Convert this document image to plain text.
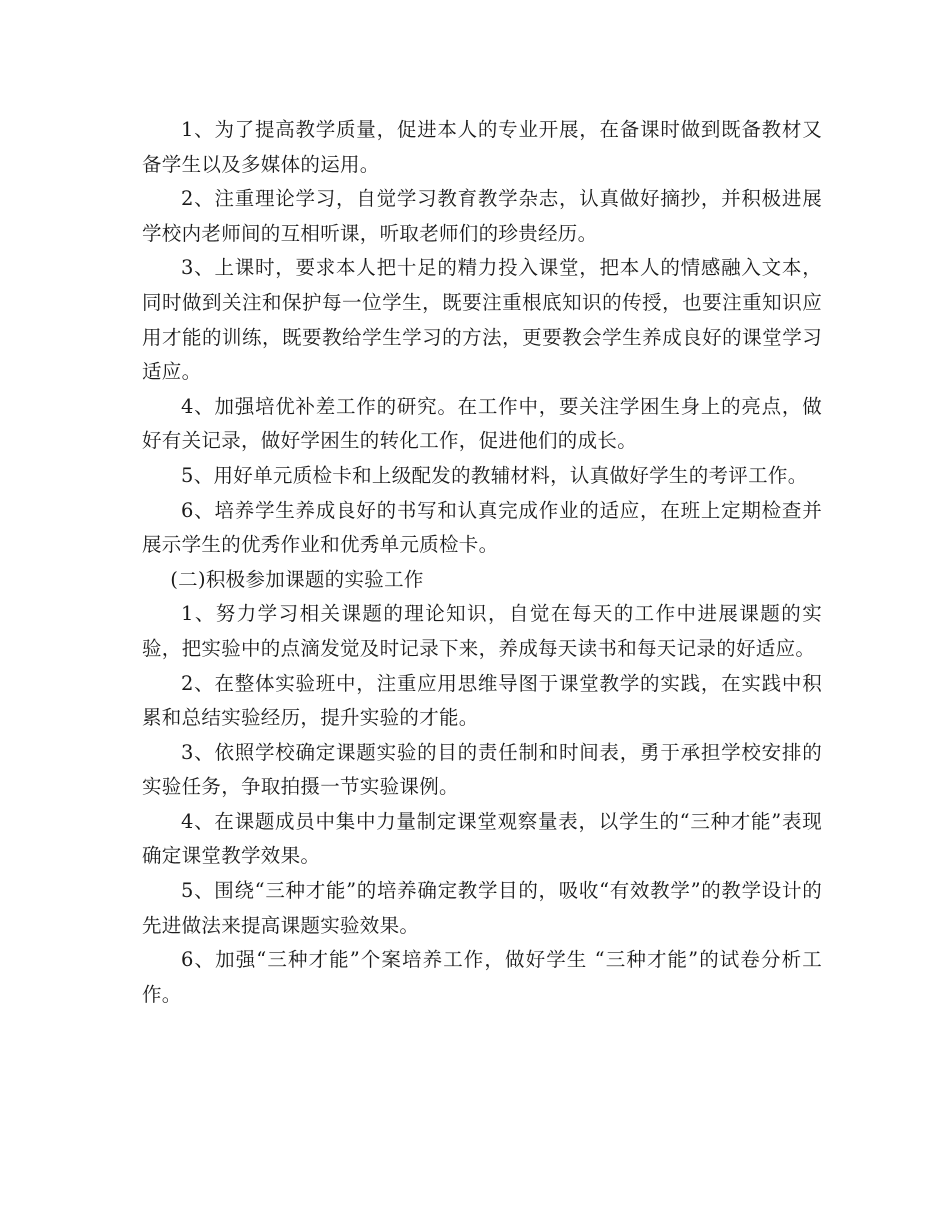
1、为了提高教学质量，促进本人的专业开展，在备课时做到既备教材又备学生以及多媒体的运用。

2、注重理论学习，自觉学习教育教学杂志，认真做好摘抄，并积极进展学校内老师间的互相听课，听取老师们的珍贵经历。

3、上课时，要求本人把十足的精力投入课堂，把本人的情感融入文本，同时做到关注和保护每一位学生，既要注重根底知识的传授，也要注重知识应用才能的训练，既要教给学生学习的方法，更要教会学生养成良好的课堂学习适应。

4、加强培优补差工作的研究。在工作中，要关注学困生身上的亮点，做好有关记录，做好学困生的转化工作，促进他们的成长。

5、用好单元质检卡和上级配发的教辅材料，认真做好学生的考评工作。

6、培养学生养成良好的书写和认真完成作业的适应，在班上定期检查并展示学生的优秀作业和优秀单元质检卡。

(二)积极参加课题的实验工作

1、努力学习相关课题的理论知识，自觉在每天的工作中进展课题的实验，把实验中的点滴发觉及时记录下来，养成每天读书和每天记录的好适应。

2、在整体实验班中，注重应用思维导图于课堂教学的实践，在实践中积累和总结实验经历，提升实验的才能。

3、依照学校确定课题实验的目的责任制和时间表，勇于承担学校安排的实验任务，争取拍摄一节实验课例。

4、在课题成员中集中力量制定课堂观察量表，以学生的“三种才能”表现确定课堂教学效果。

5、围绕“三种才能”的培养确定教学目的，吸收“有效教学”的教学设计的先进做法来提高课题实验效果。

6、加强“三种才能”个案培养工作，做好学生 “三种才能”的试卷分析工作。
